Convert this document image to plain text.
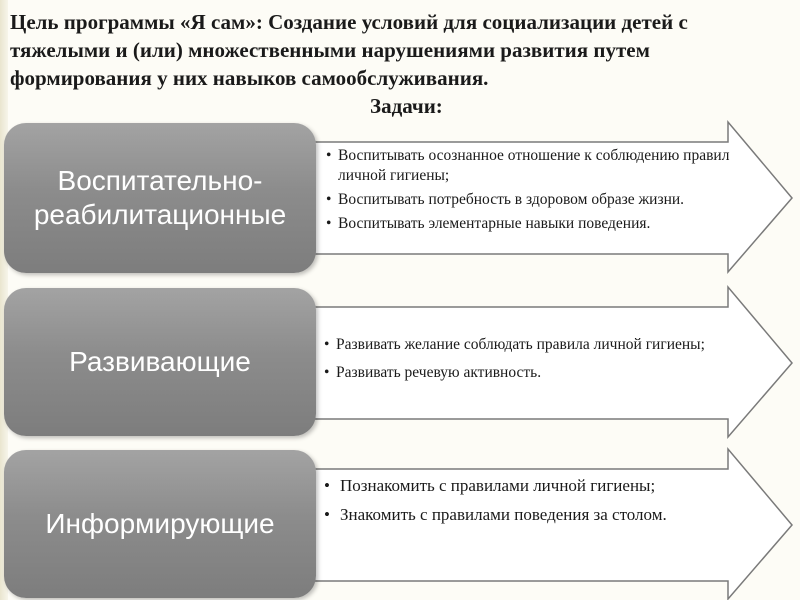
Воспитательно-реабилитационные
Развивающие
Информирующие
• Воспитывать осознанное отношение к соблюдению правил личной гигиены;
• Воспитывать потребность в здоровом образе жизни.
• Воспитывать элементарные навыки поведения.
• Развивать желание соблюдать правила личной гигиены;
• Развивать речевую активность.
• Познакомить с правилами личной гигиены;
• Знакомить с правилами поведения за столом.
Цель программы «Я сам»: Создание условий для социализации детей с тяжелыми и (или) множественными нарушениями развития путем формирования у них навыков самообслуживания.
Задачи:
